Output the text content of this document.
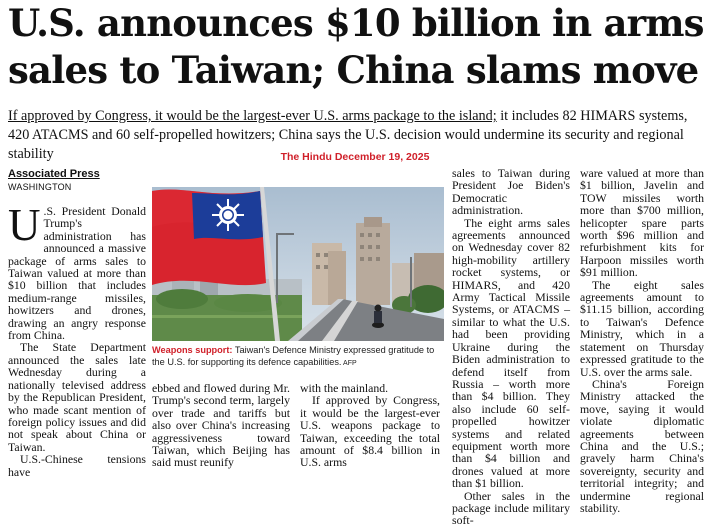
U.S. announces $10 billion in arms
sales to Taiwan; China slams move

If approved by Congress, it would be the largest-ever U.S. arms package to the island; it includes 82 HIMARS systems, 420 ATACMS and 60 self-propelled howitzers; China says the U.S. decision would undermine its security and regional stability	The Hindu December 19, 2025

Associated Press
WASHINGTON

U .S. President Donald Trump's administration has announced a massive package of arms sales to Taiwan valued at more than $10 billion that includes medium-range missiles, howitzers and drones, drawing an angry response from China.

The State Department announced the sales late Wednesday during a nationally televised address by the Republican President, who made scant mention of foreign policy issues and did not speak about China or Taiwan.

U.S.-Chinese tensions have

Weapons support: Taiwan's Defence Ministry expressed gratitude to the U.S. for supporting its defence capabilities. AFP

ebbed and flowed during Mr. Trump's second term, largely over trade and tariffs but also over China's increasing aggressiveness toward Taiwan, which Beijing has said must reunify

with the mainland.

If approved by Congress, it would be the largest-ever U.S. weapons package to Taiwan, exceeding the total amount of $8.4 billion in U.S. arms

sales to Taiwan during President Joe Biden's Democratic administration.

The eight arms sales agreements announced on Wednesday cover 82 high-mobility artillery rocket systems, or HIMARS, and 420 Army Tactical Missile Systems, or ATACMS – similar to what the U.S. had been providing Ukraine during the Biden administration to defend itself from Russia – worth more than $4 billion. They also include 60 self-propelled howitzer systems and related equipment worth more than $4 billion and drones valued at more than $1 billion.

Other sales in the package include military soft-

ware valued at more than $1 billion, Javelin and TOW missiles worth more than $700 million, helicopter spare parts worth $96 million and refurbishment kits for Harpoon missiles worth $91 million.

The eight sales agreements amount to $11.15 billion, according to Taiwan's Defence Ministry, which in a statement on Thursday expressed gratitude to the U.S. over the arms sale.

China's Foreign Ministry attacked the move, saying it would violate diplomatic agreements between China and the U.S.; gravely harm China's sovereignty, security and territorial integrity; and undermine regional stability.
